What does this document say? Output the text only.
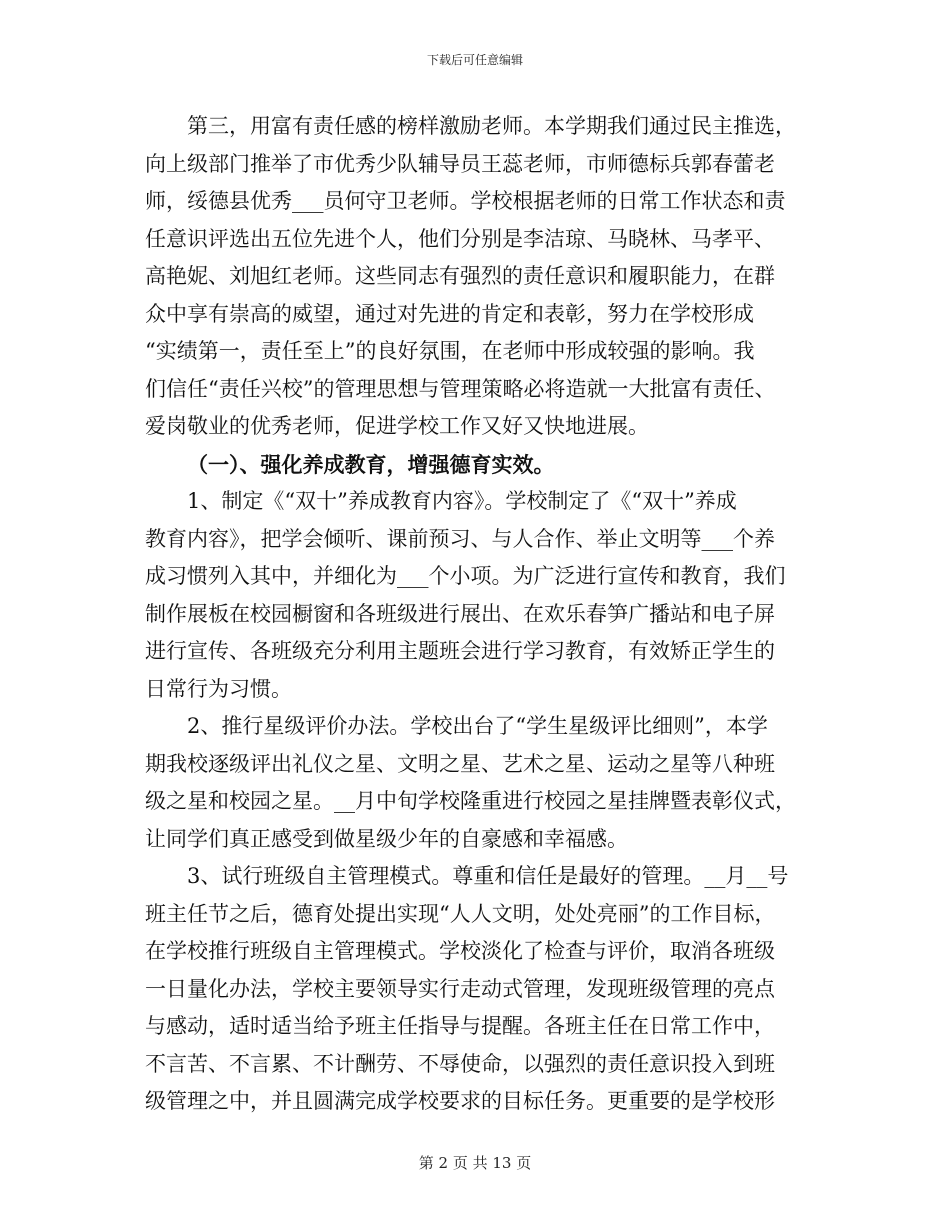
下载后可任意编辑

第三，用富有责任感的榜样激励老师。本学期我们通过民主推选，
向上级部门推举了市优秀少队辅导员王蕊老师，市师德标兵郭春蕾老
师，绥德县优秀___员何守卫老师。学校根据老师的日常工作状态和责
任意识评选出五位先进个人，他们分别是李洁琼、马晓林、马孝平、
高艳妮、刘旭红老师。这些同志有强烈的责任意识和履职能力，在群
众中享有崇高的威望，通过对先进的肯定和表彰，努力在学校形成
“实绩第一，责任至上”的良好氛围，在老师中形成较强的影响。我
们信任“责任兴校”的管理思想与管理策略必将造就一大批富有责任、
爱岗敬业的优秀老师，促进学校工作又好又快地进展。

（一）、强化养成教育，增强德育实效。

1、制定《“双十”养成教育内容》。学校制定了《“双十”养成
教育内容》，把学会倾听、课前预习、与人合作、举止文明等___个养
成习惯列入其中，并细化为___个小项。为广泛进行宣传和教育，我们
制作展板在校园橱窗和各班级进行展出、在欢乐春笋广播站和电子屏
进行宣传、各班级充分利用主题班会进行学习教育，有效矫正学生的
日常行为习惯。

2、推行星级评价办法。学校出台了“学生星级评比细则”，本学
期我校逐级评出礼仪之星、文明之星、艺术之星、运动之星等八种班
级之星和校园之星。__月中旬学校隆重进行校园之星挂牌暨表彰仪式，
让同学们真正感受到做星级少年的自豪感和幸福感。

3、试行班级自主管理模式。尊重和信任是最好的管理。__月__号
班主任节之后，德育处提出实现“人人文明，处处亮丽”的工作目标，
在学校推行班级自主管理模式。学校淡化了检查与评价，取消各班级
一日量化办法，学校主要领导实行走动式管理，发现班级管理的亮点
与感动，适时适当给予班主任指导与提醒。各班主任在日常工作中，
不言苦、不言累、不计酬劳、不辱使命，以强烈的责任意识投入到班
级管理之中，并且圆满完成学校要求的目标任务。更重要的是学校形

第 2 页 共 13 页
